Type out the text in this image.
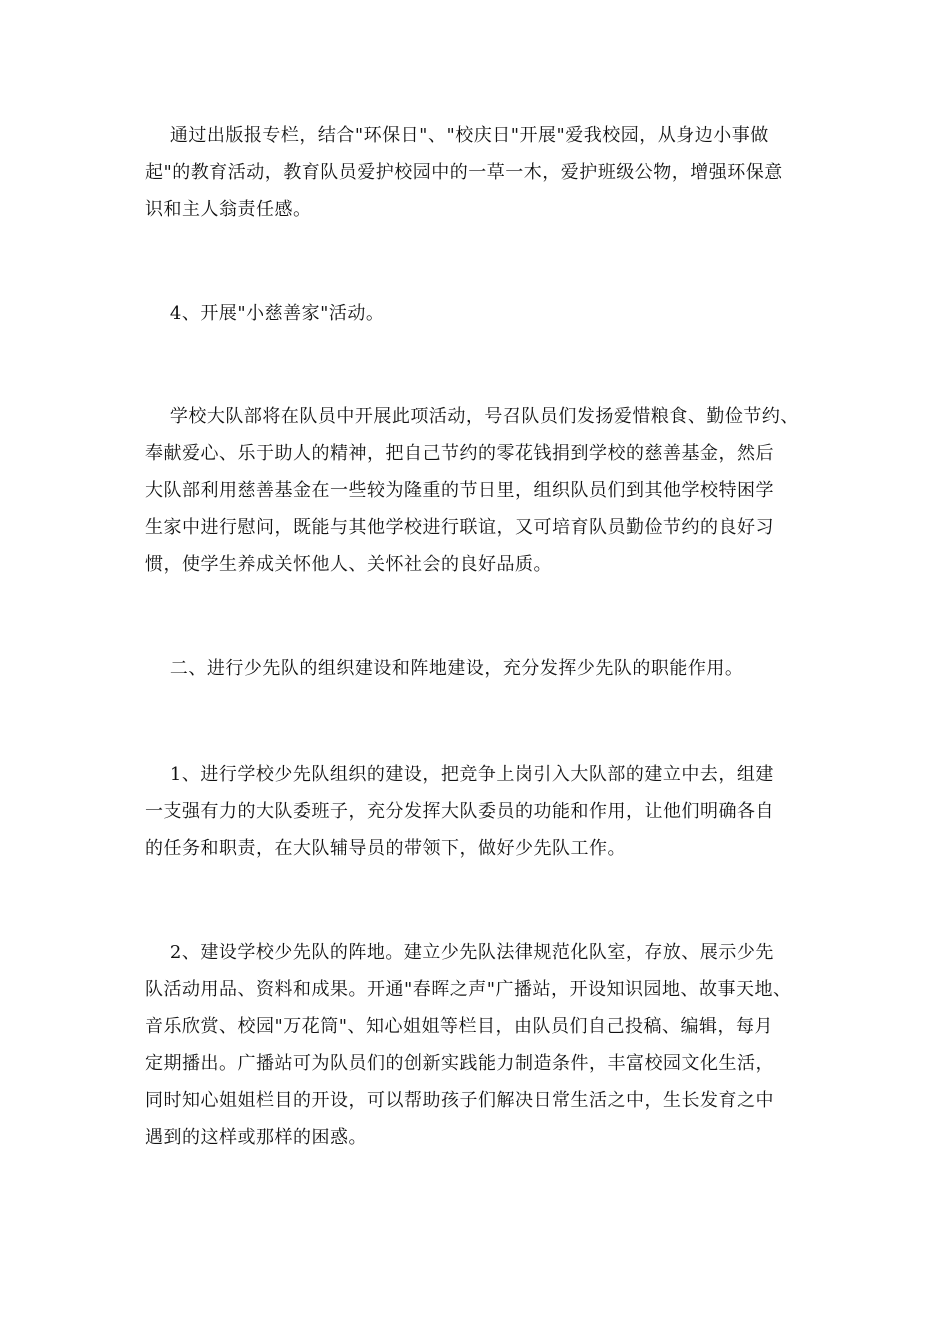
通过出版报专栏，结合"环保日"、"校庆日"开展"爱我校园，从身边小事做

起"的教育活动，教育队员爱护校园中的一草一木，爱护班级公物，增强环保意

识和主人翁责任感。

4、开展"小慈善家"活动。

学校大队部将在队员中开展此项活动，号召队员们发扬爱惜粮食、勤俭节约、

奉献爱心、乐于助人的精神，把自己节约的零花钱捐到学校的慈善基金，然后

大队部利用慈善基金在一些较为隆重的节日里，组织队员们到其他学校特困学

生家中进行慰问，既能与其他学校进行联谊，又可培育队员勤俭节约的良好习

惯，使学生养成关怀他人、关怀社会的良好品质。

二、进行少先队的组织建设和阵地建设，充分发挥少先队的职能作用。

1、进行学校少先队组织的建设，把竞争上岗引入大队部的建立中去，组建

一支强有力的大队委班子，充分发挥大队委员的功能和作用，让他们明确各自

的任务和职责，在大队辅导员的带领下，做好少先队工作。

2、建设学校少先队的阵地。建立少先队法律规范化队室，存放、展示少先

队活动用品、资料和成果。开通"春晖之声"广播站，开设知识园地、故事天地、

音乐欣赏、校园"万花筒"、知心姐姐等栏目，由队员们自己投稿、编辑，每月

定期播出。广播站可为队员们的创新实践能力制造条件，丰富校园文化生活，

同时知心姐姐栏目的开设，可以帮助孩子们解决日常生活之中，生长发育之中

遇到的这样或那样的困惑。
